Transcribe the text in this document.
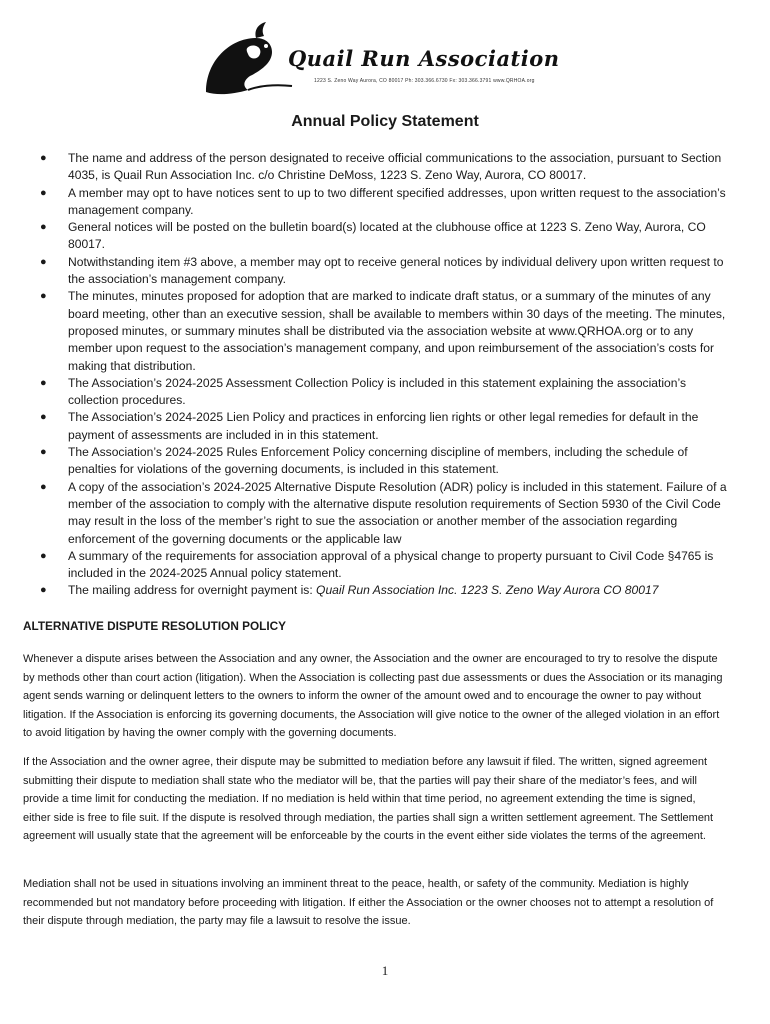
Quail Run Association
1223 S. Zeno Way Aurora, CO 80017 Ph: 303.366.6730 Fx: 303.366.3791 www.QRHOA.org
Annual Policy Statement
● The name and address of the person designated to receive official communications to the association, pursuant to Section 4035, is Quail Run Association Inc. c/o Christine DeMoss, 1223 S. Zeno Way, Aurora, CO 80017.
● A member may opt to have notices sent to up to two different specified addresses, upon written request to the association’s management company.
● General notices will be posted on the bulletin board(s) located at the clubhouse office at 1223 S. Zeno Way, Aurora, CO 80017.
● Notwithstanding item #3 above, a member may opt to receive general notices by individual delivery upon written request to the association’s management company.
● The minutes, minutes proposed for adoption that are marked to indicate draft status, or a summary of the minutes of any board meeting, other than an executive session, shall be available to members within 30 days of the meeting. The minutes, proposed minutes, or summary minutes shall be distributed via the association website at www.QRHOA.org or to any member upon request to the association’s management company, and upon reimbursement of the association’s costs for making that distribution.
● The Association’s 2024-2025 Assessment Collection Policy is included in this statement explaining the association’s collection procedures.
● The Association’s 2024-2025 Lien Policy and practices in enforcing lien rights or other legal remedies for default in the payment of assessments are included in in this statement.
● The Association’s 2024-2025 Rules Enforcement Policy concerning discipline of members, including the schedule of penalties for violations of the governing documents, is included in this statement.
● A copy of the association’s 2024-2025 Alternative Dispute Resolution (ADR) policy is included in this statement. Failure of a member of the association to comply with the alternative dispute resolution requirements of Section 5930 of the Civil Code may result in the loss of the member’s right to sue the association or another member of the association regarding enforcement of the governing documents or the applicable law
● A summary of the requirements for association approval of a physical change to property pursuant to Civil Code §4765 is included in the 2024-2025 Annual policy statement.
● The mailing address for overnight payment is: Quail Run Association Inc. 1223 S. Zeno Way Aurora CO 80017
ALTERNATIVE DISPUTE RESOLUTION POLICY

Whenever a dispute arises between the Association and any owner, the Association and the owner are encouraged to try to resolve the dispute by methods other than court action (litigation). When the Association is collecting past due assessments or dues the Association or its managing agent sends warning or delinquent letters to the owners to inform the owner of the amount owed and to encourage the owner to pay without litigation. If the Association is enforcing its governing documents, the Association will give notice to the owner of the alleged violation in an effort to avoid litigation by having the owner comply with the governing documents.

If the Association and the owner agree, their dispute may be submitted to mediation before any lawsuit if filed. The written, signed agreement submitting their dispute to mediation shall state who the mediator will be, that the parties will pay their share of the mediator’s fees, and will provide a time limit for conducting the mediation. If no mediation is held within that time period, no agreement extending the time is signed, either side is free to file suit. If the dispute is resolved through mediation, the parties shall sign a written settlement agreement. The Settlement agreement will usually state that the agreement will be enforceable by the courts in the event either side violates the terms of the agreement.

Mediation shall not be used in situations involving an imminent threat to the peace, health, or safety of the community. Mediation is highly recommended but not mandatory before proceeding with litigation. If either the Association or the owner chooses not to attempt a resolution of their dispute through mediation, the party may file a lawsuit to resolve the issue.

1
